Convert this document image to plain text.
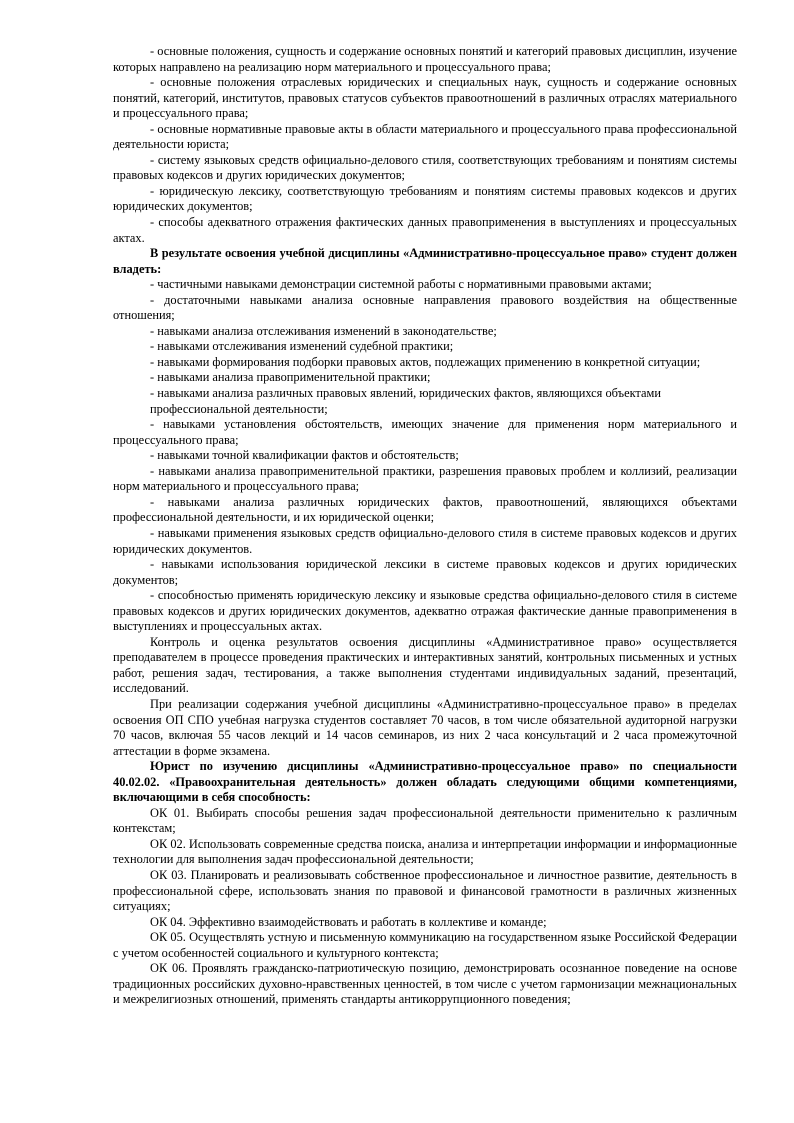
- основные положения, сущность и содержание основных понятий и категорий правовых дисциплин, изучение которых направлено на реализацию норм материального и процессуального права;

- основные положения отраслевых юридических и специальных наук, сущность и содержание основных понятий, категорий, институтов, правовых статусов субъектов правоотношений в различных отраслях материального и процессуального права;

- основные нормативные правовые акты в области материального и процессуального права профессиональной деятельности юриста;

- систему языковых средств официально-делового стиля, соответствующих требованиям и понятиям системы правовых кодексов и других юридических документов;

- юридическую лексику, соответствующую требованиям и понятиям системы правовых кодексов и других юридических документов;

- способы адекватного отражения фактических данных правоприменения в выступлениях и процессуальных актах.

В результате освоения учебной дисциплины «Административно-процессуальное право» студент должен владеть:

- частичными навыками демонстрации системной работы с нормативными правовыми актами;

- достаточными навыками анализа основные направления правового воздействия на общественные отношения;

- навыками анализа отслеживания изменений в законодательстве;

- навыками отслеживания изменений судебной практики;

- навыками формирования подборки правовых актов, подлежащих применению в конкретной ситуации;

- навыками анализа правоприменительной практики;

- навыками анализа различных правовых явлений, юридических фактов, являющихся объектами профессиональной деятельности;

- навыками установления обстоятельств, имеющих значение для применения норм материального и процессуального права;

- навыками точной квалификации фактов и обстоятельств;

- навыками анализа правоприменительной практики, разрешения правовых проблем и коллизий, реализации норм материального и процессуального права;

- навыками анализа различных юридических фактов, правоотношений, являющихся объектами профессиональной деятельности, и их юридической оценки;

- навыками применения языковых средств официально-делового стиля в системе правовых кодексов и других юридических документов.

- навыками использования юридической лексики в системе правовых кодексов и других юридических документов;

- способностью применять юридическую лексику и языковые средства официально-делового стиля в системе правовых кодексов и других юридических документов, адекватно отражая фактические данные правоприменения в выступлениях и процессуальных актах.

Контроль и оценка результатов освоения дисциплины «Административное право» осуществляется преподавателем в процессе проведения практических и интерактивных занятий, контрольных письменных и устных работ, решения задач, тестирования, а также выполнения студентами индивидуальных заданий, презентаций, исследований.

При реализации содержания учебной дисциплины «Административно-процессуальное право» в пределах освоения ОП СПО учебная нагрузка студентов составляет 70 часов, в том числе обязательной аудиторной нагрузки 70 часов, включая 55 часов лекций и 14 часов семинаров, из них 2 часа консультаций и 2 часа промежуточной аттестации в форме экзамена.

Юрист по изучению дисциплины «Административно-процессуальное право» по специальности 40.02.02. «Правоохранительная деятельность» должен обладать следующими общими компетенциями, включающими в себя способность:

ОК 01. Выбирать способы решения задач профессиональной деятельности применительно к различным контекстам;

ОК 02. Использовать современные средства поиска, анализа и интерпретации информации и информационные технологии для выполнения задач профессиональной деятельности;

ОК 03. Планировать и реализовывать собственное профессиональное и личностное развитие, деятельность в профессиональной сфере, использовать знания по правовой и финансовой грамотности в различных жизненных ситуациях;

ОК 04. Эффективно взаимодействовать и работать в коллективе и команде;

ОК 05. Осуществлять устную и письменную коммуникацию на государственном языке Российской Федерации с учетом особенностей социального и культурного контекста;

ОК 06. Проявлять гражданско-патриотическую позицию, демонстрировать осознанное поведение на основе традиционных российских духовно-нравственных ценностей, в том числе с учетом гармонизации межнациональных и межрелигиозных отношений, применять стандарты антикоррупционного поведения;
